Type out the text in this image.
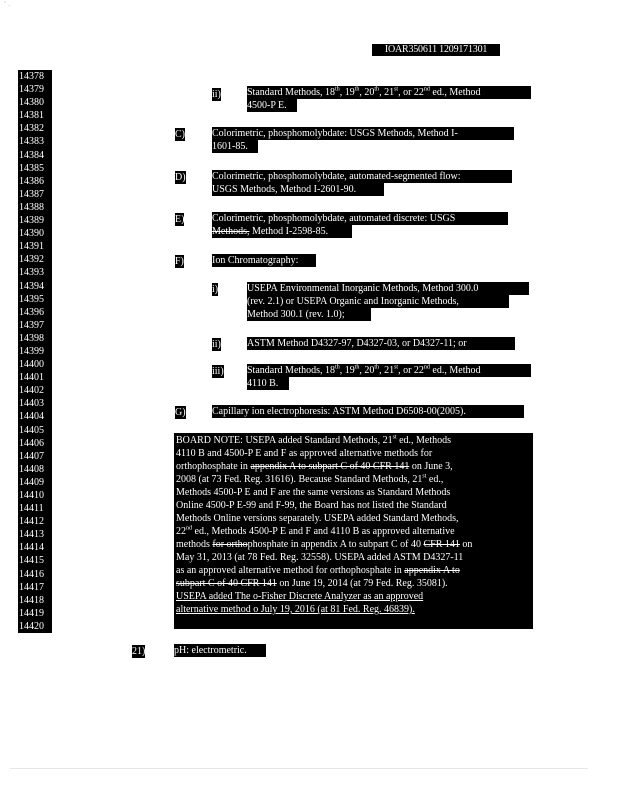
' .
IOAR350611 1209171301
14378
14379
14380
14381
14382
14383
14384
14385
14386
14387
14388
14389
14390
14391
14392
14393
14394
14395
14396
14397
14398
14399
14400
14401
14402
14403
14404
14405
14406
14407
14408
14409
14410
14411
14412
14413
14414
14415
14416
14417
14418
14419
14420
ii)	Standard Methods, 18th, 19th, 20th, 21st, or 22nd ed., Method
4500-P E.
C)	Colorimetric, phosphomolybdate: USGS Methods, Method I-
1601-85.
D)	Colorimetric, phosphomolybdate, automated-segmented flow:
USGS Methods, Method I-2601-90.
E)	Colorimetric, phosphomolybdate, automated discrete: USGS
Methods, Method I-2598-85.
F)	Ion Chromatography:
i)	USEPA Environmental Inorganic Methods, Method 300.0
(rev. 2.1) or USEPA Organic and Inorganic Methods,
Method 300.1 (rev. 1.0);
ii)	ASTM Method D4327-97, D4327-03, or D4327-11; or
iii) Standard Methods, 18th, 19th, 20th, 21st, or 22nd ed., Method
4110 B.
G)	Capillary ion electrophoresis: ASTM Method D6508-00(2005).
BOARD NOTE: USEPA added Standard Methods, 21st ed., Methods
4110 B and 4500-P E and F as approved alternative methods for
orthophosphate in appendix A to subpart C of 40 CFR 141 on June 3,
2008 (at 73 Fed. Reg. 31616). Because Standard Methods, 21st ed.,
Methods 4500-P E and F are the same versions as Standard Methods
Online 4500-P E-99 and F-99, the Board has not listed the Standard
Methods Online versions separately. USEPA added Standard Methods,
22nd ed., Methods 4500-P E and F and 4110 B as approved alternative
methods for orthophosphate in appendix A to subpart C of 40 CFR 141 on
May 31, 2013 (at 78 Fed. Reg. 32558). USEPA added ASTM D4327-11
as an approved alternative method for orthophosphate in appendix A to
subpart C of 40 CFR 141 on June 19, 2014 (at 79 Fed. Reg. 35081).
USEPA added The o-Fisher Discrete Analyzer as an approved
alternative method o July 19, 2016 (at 81 Fed. Reg. 46839).
21)	pH: electrometric.
